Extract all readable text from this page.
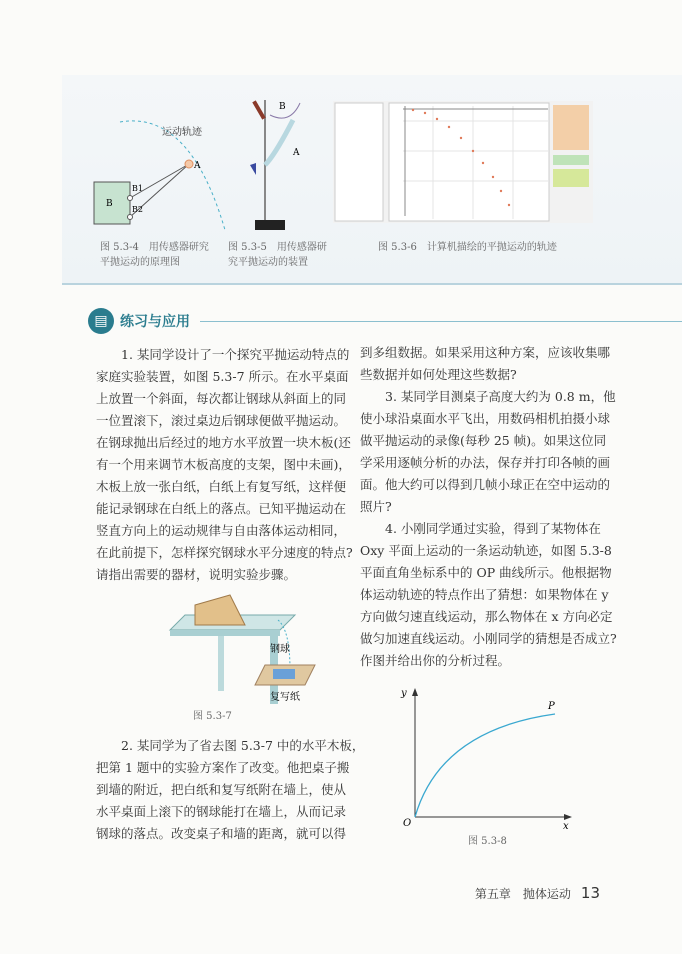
运动轨迹
A
B
B1
B2
图 5.3-4　用传感器研究
平抛运动的原理图
B
A
图 5.3-5　用传感器研
究平抛运动的装置
图 5.3-6　计算机描绘的平抛运动的轨迹
▤ 练习与应用
1. 某同学设计了一个探究平抛运动特点的
家庭实验装置，如图 5.3-7 所示。在水平桌面
上放置一个斜面，每次都让钢球从斜面上的同
一位置滚下，滚过桌边后钢球便做平抛运动。
在钢球抛出后经过的地方水平放置一块木板(还
有一个用来调节木板高度的支架，图中未画)，
木板上放一张白纸，白纸上有复写纸，这样便
能记录钢球在白纸上的落点。已知平抛运动在
竖直方向上的运动规律与自由落体运动相同，
在此前提下，怎样探究钢球水平分速度的特点?
请指出需要的器材，说明实验步骤。
钢球
复写纸
图 5.3-7
2. 某同学为了省去图 5.3-7 中的水平木板，
把第 1 题中的实验方案作了改变。他把桌子搬
到墙的附近，把白纸和复写纸附在墙上，使从
水平桌面上滚下的钢球能打在墙上，从而记录
钢球的落点。改变桌子和墙的距离，就可以得
到多组数据。如果采用这种方案，应该收集哪
些数据并如何处理这些数据?
3. 某同学目测桌子高度大约为 0.8 m，他
使小球沿桌面水平飞出，用数码相机拍摄小球
做平抛运动的录像(每秒 25 帧)。如果这位同
学采用逐帧分析的办法，保存并打印各帧的画
面。他大约可以得到几帧小球正在空中运动的
照片?
4. 小刚同学通过实验，得到了某物体在
Oxy 平面上运动的一条运动轨迹，如图 5.3-8
平面直角坐标系中的 OP 曲线所示。他根据物
体运动轨迹的特点作出了猜想：如果物体在 y
方向做匀速直线运动，那么物体在 x 方向必定
做匀加速直线运动。小刚同学的猜想是否成立?
作图并给出你的分析过程。
y
x
O
P
图 5.3-8
第五章　抛体运动 13
